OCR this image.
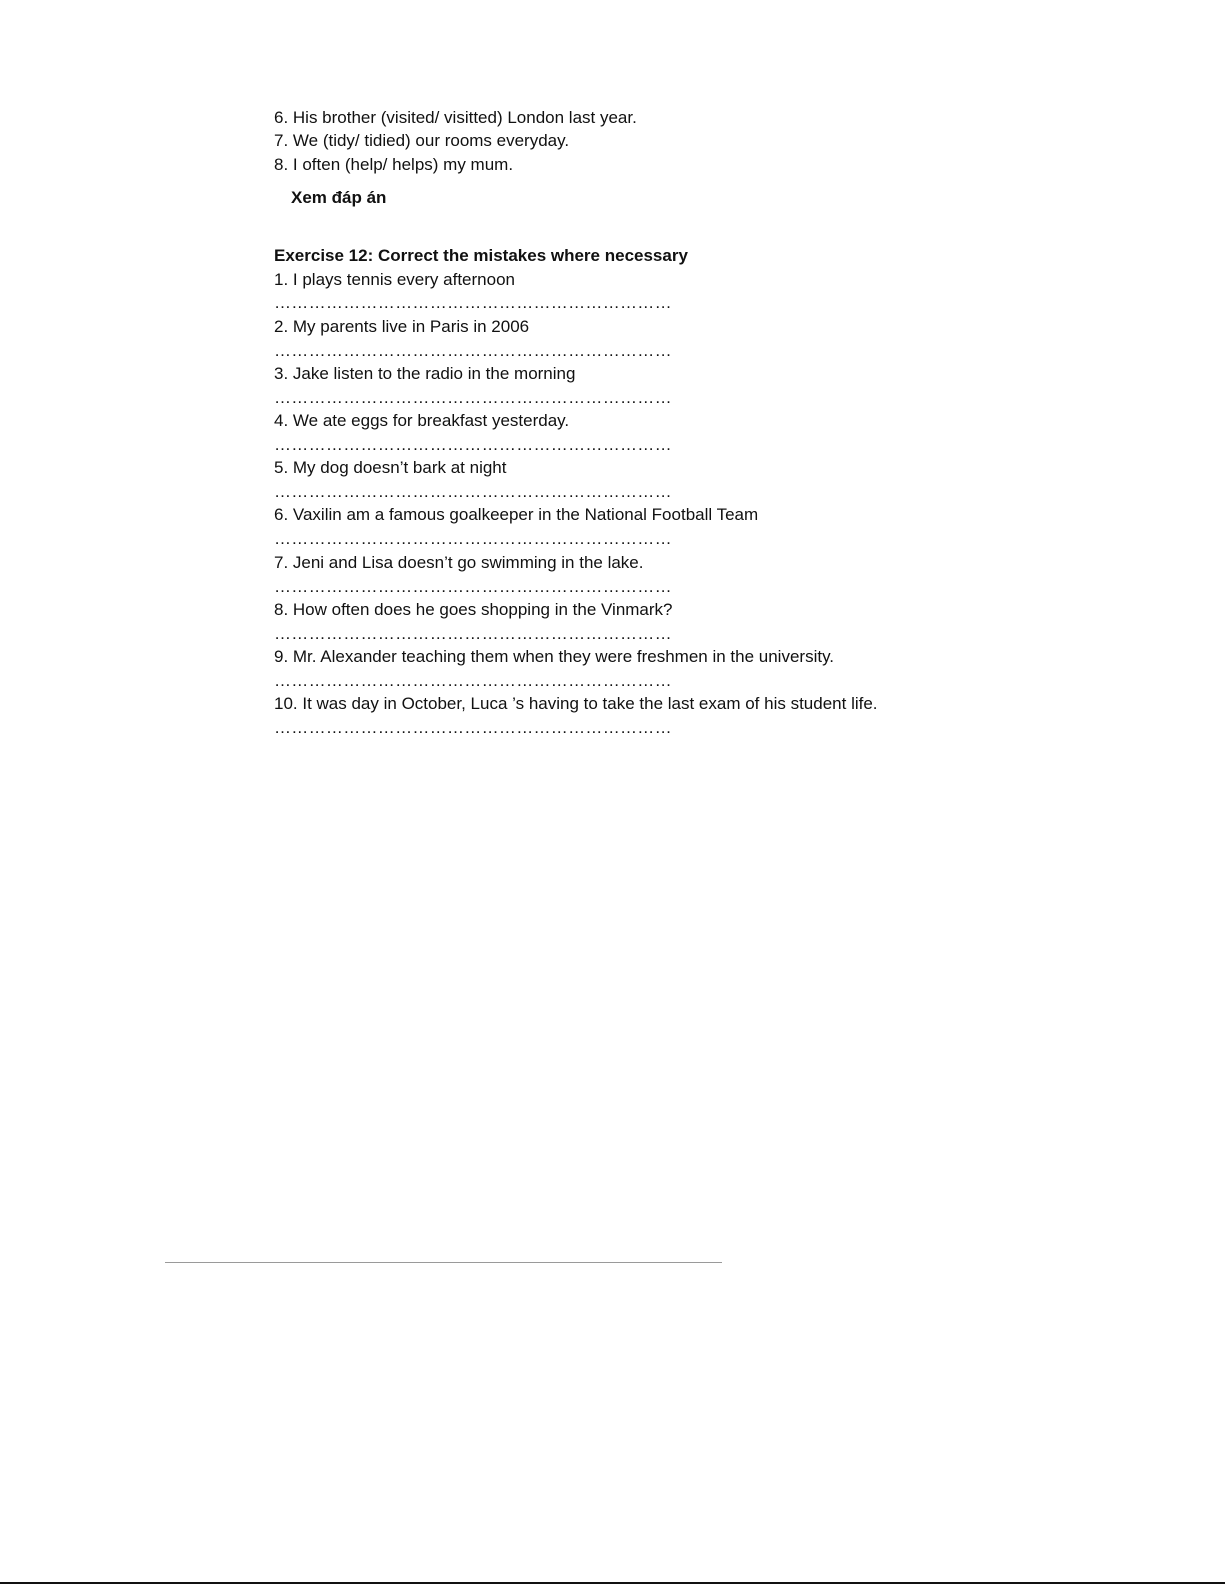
6. His brother (visited/ visitted) London last year.
7. We (tidy/ tidied) our rooms everyday.
8. I often (help/ helps) my mum.
Xem đáp án
Exercise 12: Correct the mistakes where necessary
1. I plays tennis every afternoon
……………………………………………………………
2. My parents live in Paris in 2006
……………………………………………………………
3. Jake listen to the radio in the morning
……………………………………………………………
4. We ate eggs for breakfast yesterday.
……………………………………………………………
5. My dog doesn’t bark at night
……………………………………………………………
6. Vaxilin am a famous goalkeeper in the National Football Team
……………………………………………………………
7. Jeni and Lisa doesn’t go swimming in the lake.
……………………………………………………………
8. How often does he goes shopping in the Vinmark?
……………………………………………………………
9. Mr. Alexander teaching them when they were freshmen in the university.
……………………………………………………………
10. It was day in October, Luca ’s having to take the last exam of his student life.
……………………………………………………………
